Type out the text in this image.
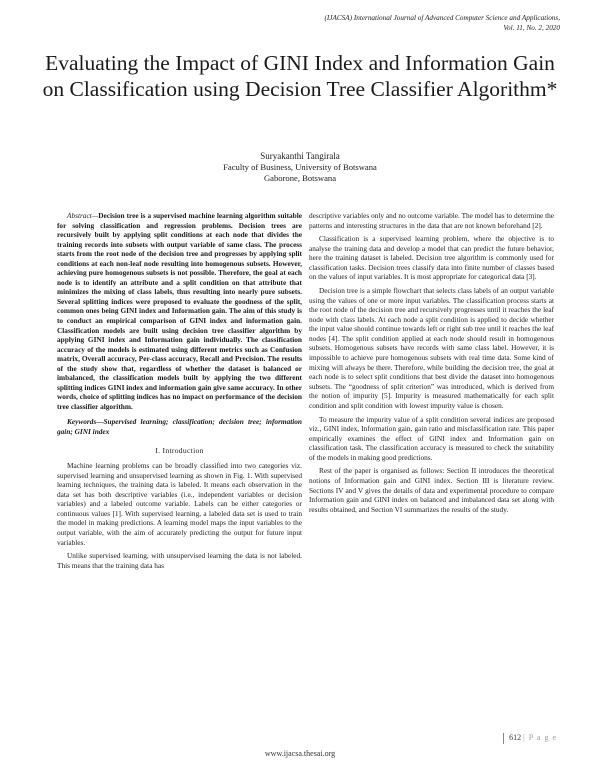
(IJACSA) International Journal of Advanced Computer Science and Applications,
Vol. 11, No. 2, 2020
Evaluating the Impact of GINI Index and Information Gain on Classification using Decision Tree Classifier Algorithm*
Suryakanthi Tangirala
Faculty of Business, University of Botswana
Gaborone, Botswana

Abstract—Decision tree is a supervised machine learning algorithm suitable for solving classification and regression problems. Decision trees are recursively built by applying split conditions at each node that divides the training records into subsets with output variable of same class. The process starts from the root node of the decision tree and progresses by applying split conditions at each non-leaf node resulting into homogenous subsets. However, achieving pure homogenous subsets is not possible. Therefore, the goal at each node is to identify an attribute and a split condition on that attribute that minimizes the mixing of class labels, thus resulting into nearly pure subsets. Several splitting indices were proposed to evaluate the goodness of the split, common ones being GINI index and Information gain. The aim of this study is to conduct an empirical comparison of GINI index and information gain. Classification models are built using decision tree classifier algorithm by applying GINI index and Information gain individually. The classification accuracy of the models is estimated using different metrics such as Confusion matrix, Overall accuracy, Per-class accuracy, Recall and Precision. The results of the study show that, regardless of whether the dataset is balanced or imbalanced, the classification models built by applying the two different splitting indices GINI index and information gain give same accuracy. In other words, choice of splitting indices has no impact on performance of the decision tree classifier algorithm.

Keywords—Supervised learning; classification; decision tree; information gain; GINI index

I. Introduction

Machine learning problems can be broadly classified into two categories viz. supervised learning and unsupervised learning as shown in Fig. 1. With supervised learning techniques, the training data is labeled. It means each observation in the data set has both descriptive variables (i.e., independent variables or decision variables) and a labeled outcome variable. Labels can be either categories or continuous values [1]. With supervised learning, a labeled data set is used to train the model in making predictions. A learning model maps the input variables to the output variable, with the aim of accurately predicting the output for future input variables.

Unlike supervised learning, with unsupervised learning the data is not labeled. This means that the training data has

descriptive variables only and no outcome variable. The model has to determine the patterns and interesting structures in the data that are not known beforehand [2].

Classification is a supervised learning problem, where the objective is to analyse the training data and develop a model that can predict the future behavior, here the training dataset is labeled. Decision tree algorithm is commonly used for classification tasks. Decision trees classify data into finite number of classes based on the values of input variables. It is most appropriate for categorical data [3].

Decision tree is a simple flowchart that selects class labels of an output variable using the values of one or more input variables. The classification process starts at the root node of the decision tree and recursively progresses until it reaches the leaf node with class labels. At each node a split condition is applied to decide whether the input value should continue towards left or right sub tree until it reaches the leaf nodes [4]. The split condition applied at each node should result in homogenous subsets. Homogenous subsets have records with same class label. However, it is impossible to achieve pure homogenous subsets with real time data. Some kind of mixing will always be there. Therefore, while building the decision tree, the goal at each node is to select split conditions that best divide the dataset into homogenous subsets. The “goodness of split criterion” was introduced, which is derived from the notion of impurity [5]. Impurity is measured mathematically for each split condition and split condition with lowest impurity value is chosen.

To measure the impurity value of a split condition several indices are proposed viz., GINI index, Information gain, gain ratio and misclassification rate. This paper empirically examines the effect of GINI index and Information gain on classification task. The classification accuracy is measured to check the suitability of the models in making good predictions.

Rest of the paper is organised as follows: Section II introduces the theoretical notions of Information gain and GINI index. Section III is literature review. Sections IV and V gives the details of data and experimental procedure to compare Information gain and GINI index on balanced and imbalanced data set along with results obtained, and Section VI summarizes the results of the study.

612 | P a g e
www.ijacsa.thesai.org
